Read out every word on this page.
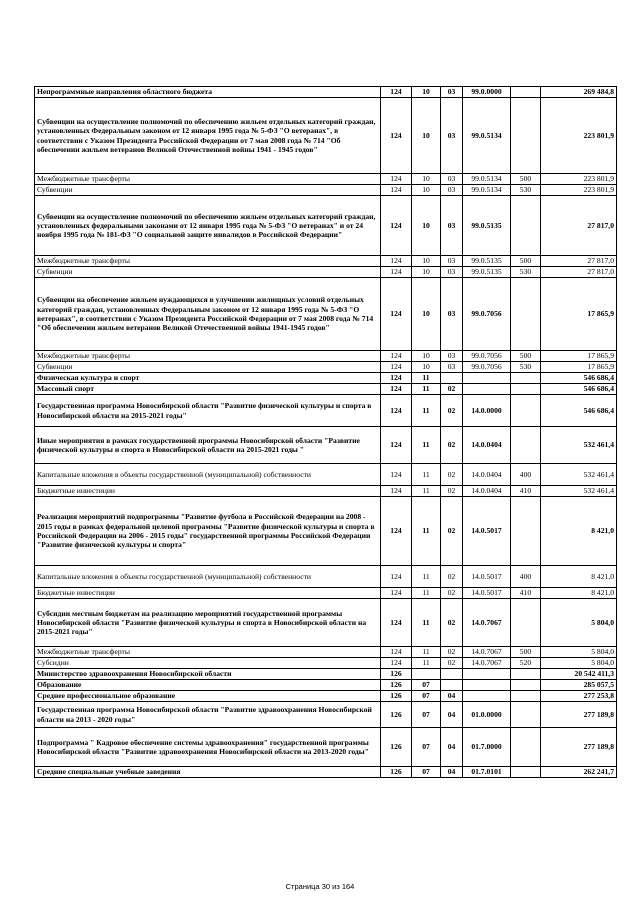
Непрограммные направления областного бюджета	124	10	03	99.0.0000		269 484,8
Субвенции на осуществление полномочий по обеспечению жильем отдельных категорий граждан, установленных Федеральным законом от 12 января 1995 года № 5-ФЗ "О ветеранах", в соответствии с Указом Президента Российской Федерации от 7 мая 2008 года № 714 "Об обеспечении жильем ветеранов Великой Отечественной войны 1941 - 1945 годов"	124	10	03	99.0.5134		223 801,9
Межбюджетные трансферты	124	10	03	99.0.5134	500	223 801,9
Субвенции	124	10	03	99.0.5134	530	223 801,9
Субвенции на осуществление полномочий по обеспечению жильем отдельных категорий граждан, установленных федеральными законами от 12 января 1995 года № 5-ФЗ "О ветеранах" и от 24 ноября 1995 года № 181-ФЗ "О социальной защите инвалидов в Российской Федерации"	124	10	03	99.0.5135		27 817,0
Межбюджетные трансферты	124	10	03	99.0.5135	500	27 817,0
Субвенции	124	10	03	99.0.5135	530	27 817,0
Субвенции на обеспечение жильем нуждающихся в улучшении жилищных условий отдельных категорий граждан, установленных Федеральным законом от 12 января 1995 года № 5-ФЗ "О ветеранах", в соответствии с Указом Президента Российской Федерации от 7 мая 2008 года № 714 "Об обеспечении жильем ветеранов Великой Отечественной войны 1941-1945 годов"	124	10	03	99.0.7056		17 865,9
Межбюджетные трансферты	124	10	03	99.0.7056	500	17 865,9
Субвенции	124	10	03	99.0.7056	530	17 865,9
Физическая культура и спорт	124	11				546 686,4
Массовый спорт	124	11	02			546 686,4
Государственная программа Новосибирской области "Развитие физической культуры и спорта в Новосибирской области на 2015-2021 годы"	124	11	02	14.0.0000		546 686,4
Иные мероприятия в рамках государственной программы Новосибирской области "Развитие физической культуры и спорта в Новосибирской области на 2015-2021 годы "	124	11	02	14.0.0404		532 461,4
Капитальные вложения в объекты государственной (муниципальной) собственности	124	11	02	14.0.0404	400	532 461,4
Бюджетные инвестиции	124	11	02	14.0.0404	410	532 461,4
Реализация мероприятий подпрограммы "Развитие футбола в Российской Федерации на 2008 - 2015 годы в рамках федеральной целевой программы "Развитие физической культуры и спорта в Российской Федерации на 2006 - 2015 годы" государственной программы Российской Федерации "Развитие физической культуры и спорта"	124	11	02	14.0.5017		8 421,0
Капитальные вложения в объекты государственной (муниципальной) собственности	124	11	02	14.0.5017	400	8 421,0
Бюджетные инвестиции	124	11	02	14.0.5017	410	8 421,0
Субсидии местным бюджетам на реализацию мероприятий государственной программы Новосибирской области "Развитие физической культуры и спорта в Новосибирской области на 2015-2021 годы"	124	11	02	14.0.7067		5 804,0
Межбюджетные трансферты	124	11	02	14.0.7067	500	5 804,0
Субсидии	124	11	02	14.0.7067	520	5 804,0
Министерство здравоохранения Новосибирской области	126					20 542 411,3
Образование	126	07				285 057,5
Среднее профессиональное образование	126	07	04			277 253,8
Государственная программа Новосибирской области "Развитие здравоохранения Новосибирской области на 2013 - 2020 годы"	126	07	04	01.0.0000		277 189,8
Подпрограмма " Кадровое обеспечение системы здравоохранения" государственной программы Новосибирской области "Развитие здравоохранения Новосибирской области на 2013-2020 годы"	126	07	04	01.7.0000		277 189,8
Средние специальные учебные заведения	126	07	04	01.7.0101		262 241,7
Страница 30 из 164
